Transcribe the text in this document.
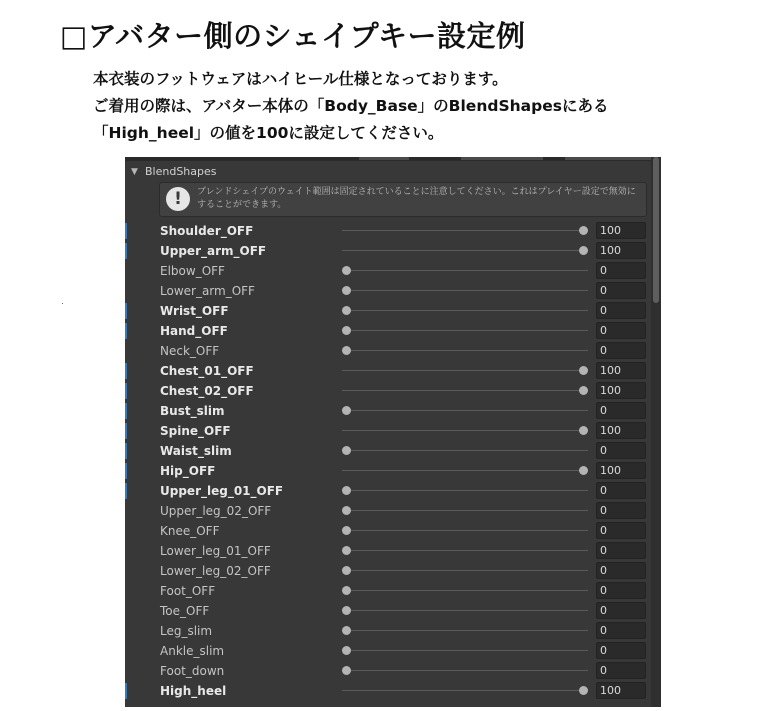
□アバター側のシェイプキー設定例
本衣装のフットウェアはハイヒール仕様となっております。
ご着用の際は、アバター本体の「Body_Base」のBlendShapesにある
「High_heel」の値を100に設定してください。
▼ BlendShapes
!	ブレンドシェイプのウェイト範囲は固定されていることに注意してください。これはプレイヤー設定で無効にすることができます。
Shoulder_OFF	100
Upper_arm_OFF	100
Elbow_OFF	0
Lower_arm_OFF	0
Wrist_OFF	0
Hand_OFF	0
Neck_OFF	0
Chest_01_OFF	100
Chest_02_OFF	100
Bust_slim	0
Spine_OFF	100
Waist_slim	0
Hip_OFF	100
Upper_leg_01_OFF	0
Upper_leg_02_OFF	0
Knee_OFF	0
Lower_leg_01_OFF	0
Lower_leg_02_OFF	0
Foot_OFF	0
Toe_OFF	0
Leg_slim	0
Ankle_slim	0
Foot_down	0
High_heel	100
